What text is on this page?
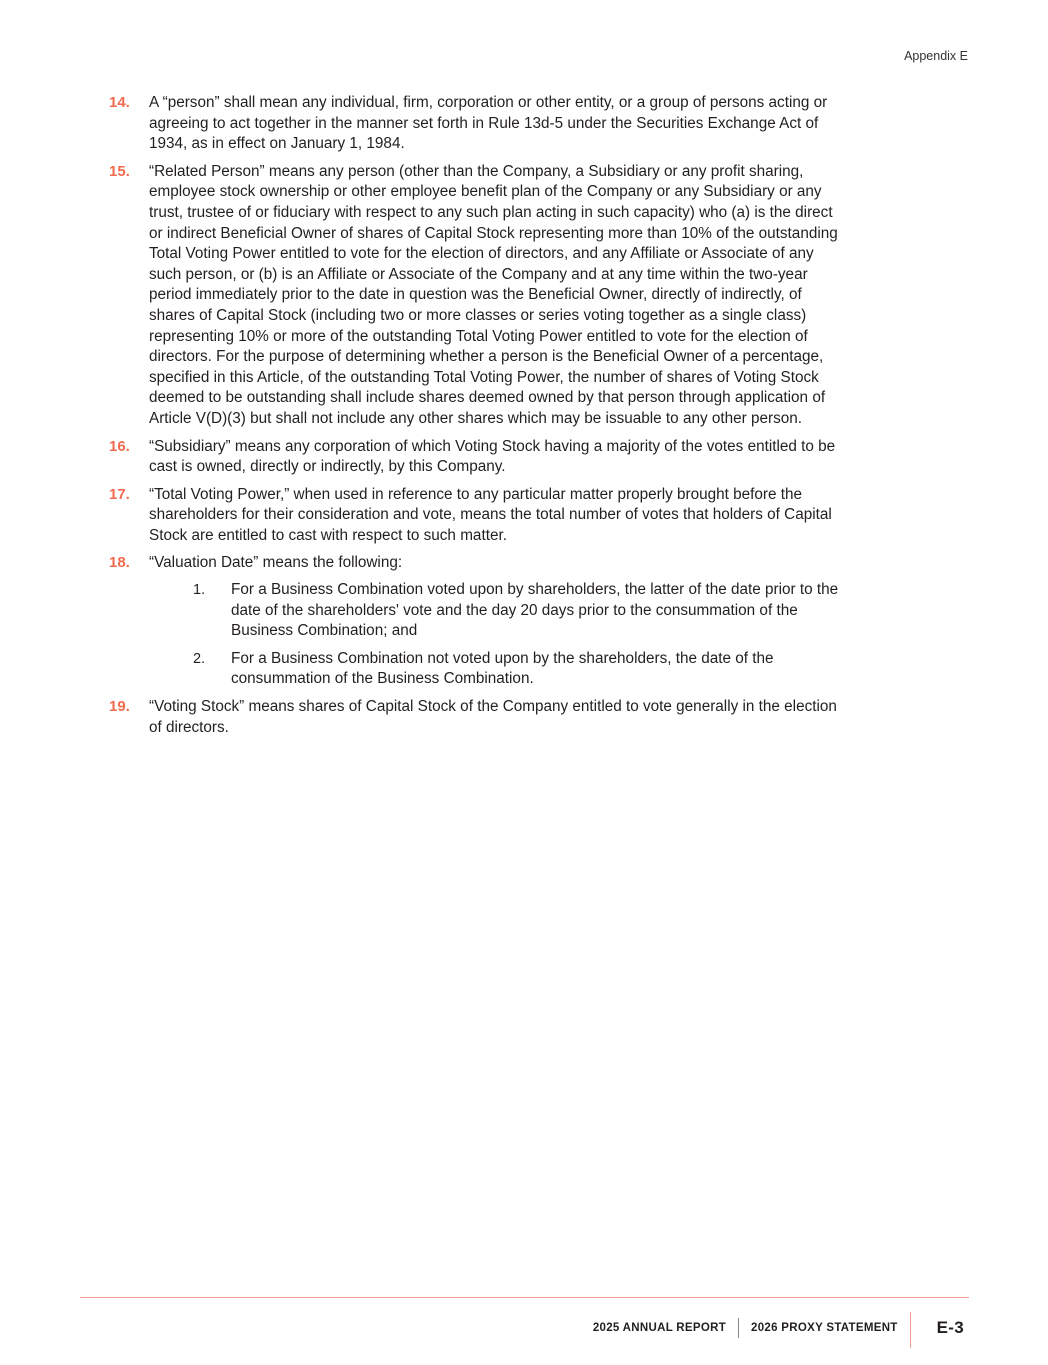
Appendix E
14.	A “person” shall mean any individual, firm, corporation or other entity, or a group of persons acting or
agreeing to act together in the manner set forth in Rule 13d-5 under the Securities Exchange Act of
1934, as in effect on January 1, 1984.
15.	“Related Person” means any person (other than the Company, a Subsidiary or any profit sharing,
employee stock ownership or other employee benefit plan of the Company or any Subsidiary or any
trust, trustee of or fiduciary with respect to any such plan acting in such capacity) who (a) is the direct
or indirect Beneficial Owner of shares of Capital Stock representing more than 10% of the outstanding
Total Voting Power entitled to vote for the election of directors, and any Affiliate or Associate of any
such person, or (b) is an Affiliate or Associate of the Company and at any time within the two-year
period immediately prior to the date in question was the Beneficial Owner, directly of indirectly, of
shares of Capital Stock (including two or more classes or series voting together as a single class)
representing 10% or more of the outstanding Total Voting Power entitled to vote for the election of
directors. For the purpose of determining whether a person is the Beneficial Owner of a percentage,
specified in this Article, of the outstanding Total Voting Power, the number of shares of Voting Stock
deemed to be outstanding shall include shares deemed owned by that person through application of
Article V(D)(3) but shall not include any other shares which may be issuable to any other person.
16.	“Subsidiary” means any corporation of which Voting Stock having a majority of the votes entitled to be
cast is owned, directly or indirectly, by this Company.
17.	“Total Voting Power,” when used in reference to any particular matter properly brought before the
shareholders for their consideration and vote, means the total number of votes that holders of Capital
Stock are entitled to cast with respect to such matter.
18.	“Valuation Date” means the following:
1.	For a Business Combination voted upon by shareholders, the latter of the date prior to the
date of the shareholders' vote and the day 20 days prior to the consummation of the
Business Combination; and
2.	For a Business Combination not voted upon by the shareholders, the date of the
consummation of the Business Combination.
19.	“Voting Stock” means shares of Capital Stock of the Company entitled to vote generally in the election
of directors.
2025 ANNUAL REPORT 2026 PROXY STATEMENT E-3
